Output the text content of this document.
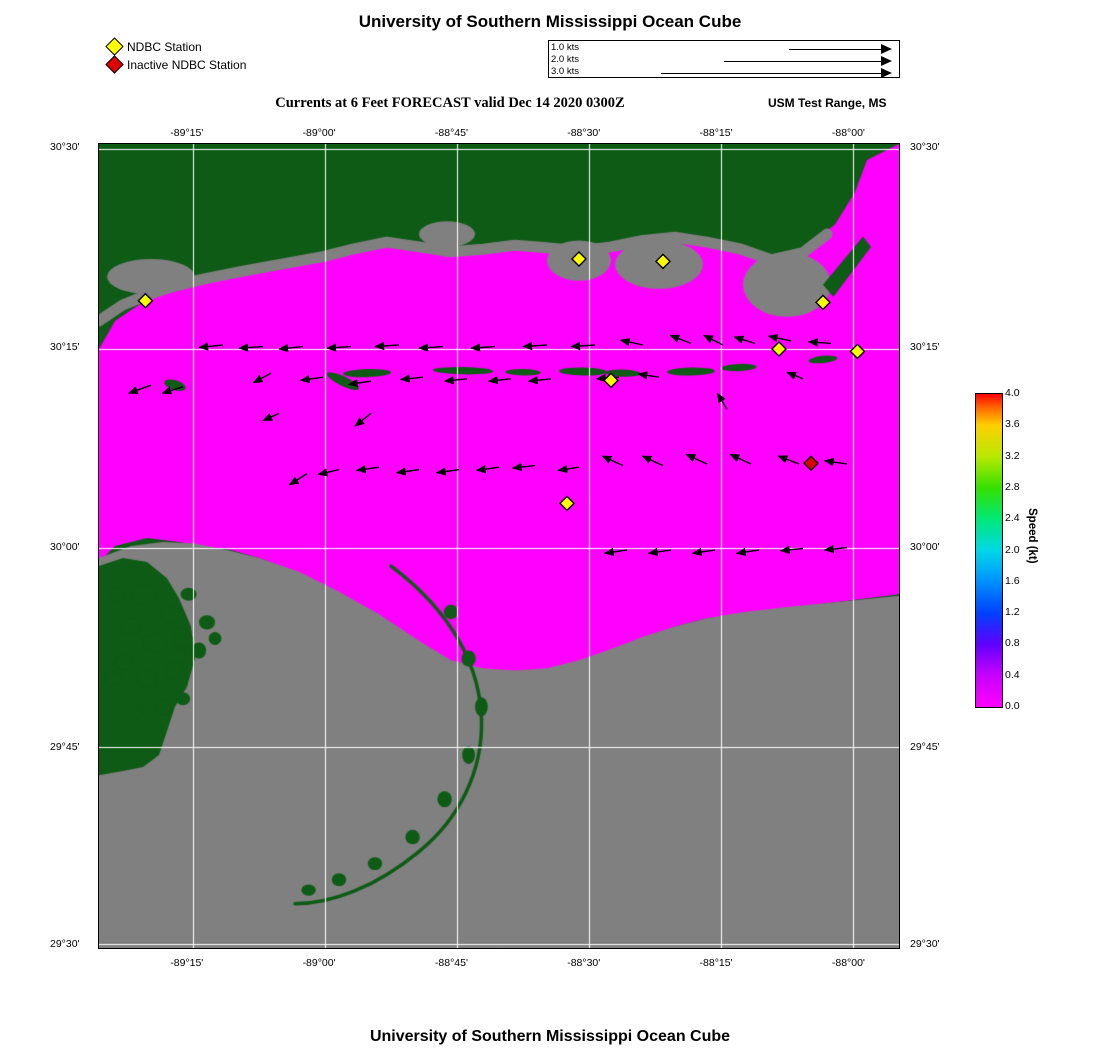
University of Southern Mississippi Ocean Cube
NDBC Station
Inactive NDBC Station
1.0 kts
2.0 kts
3.0 kts
Currents at 6 Feet FORECAST valid Dec 14 2020 0300Z	USM Test Range, MS
-89°15'
-89°15'
-89°00'
-89°00'
-88°45'
-88°45'
-88°30'
-88°30'
-88°15'
-88°15'
-88°00'
-88°00'
30°30'	30°30'
30°15'	30°15'
30°00'	30°00'
29°45'	29°45'
29°30'	29°30'
4.0
3.6
3.2
2.8
2.4
2.0
1.6
1.2
0.8
0.4
0.0
Speed (kt)
University of Southern Mississippi Ocean Cube
